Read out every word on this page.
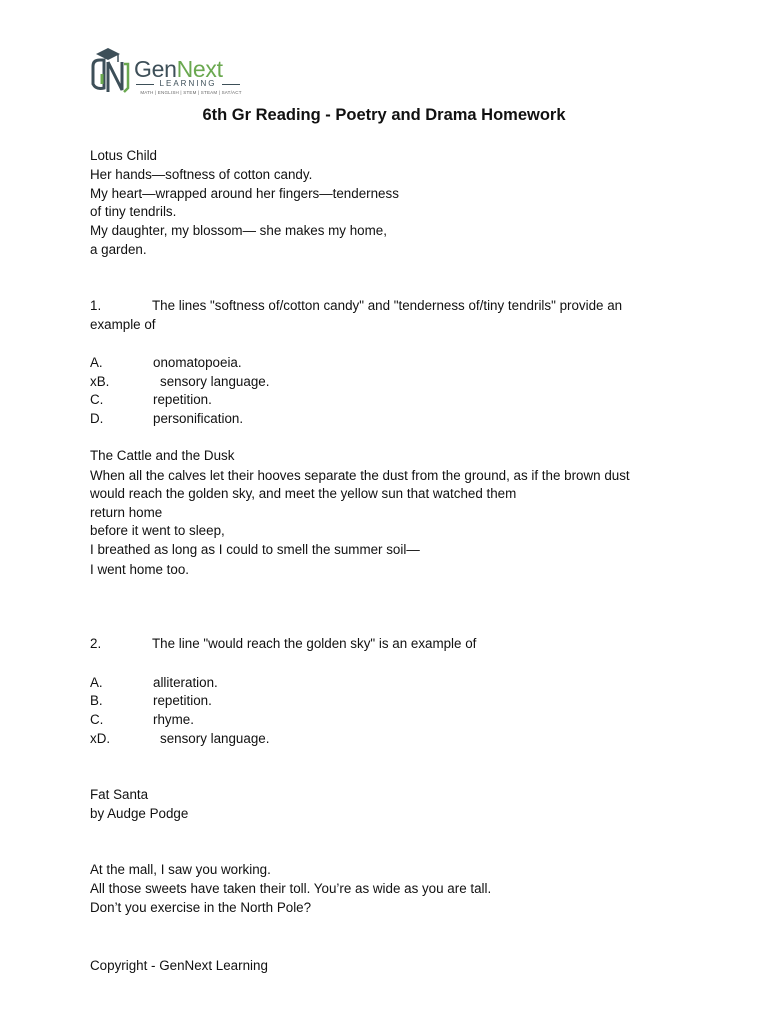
GenNext
LEARNING
MATH | ENGLISH | STEM | STEAM | SAT/ACT
6th Gr Reading - Poetry and Drama Homework
Lotus Child
Her hands—softness of cotton candy.
My heart—wrapped around her fingers—tenderness
of tiny tendrils.
My daughter, my blossom— she makes my home,
a garden.
1.	The lines "softness of/cotton candy" and "tenderness of/tiny tendrils" provide an
example of
A.	onomatopoeia.
xB.	sensory language.
C.	repetition.
D.	personification.
The Cattle and the Dusk
When all the calves let their hooves separate the dust from the ground, as if the brown dust
would reach the golden sky, and meet the yellow sun that watched them
return home
before it went to sleep,
I breathed as long as I could to smell the summer soil—
I went home too.
2.	The line "would reach the golden sky" is an example of
A.	alliteration.
B.	repetition.
C.	rhyme.
xD.	sensory language.
Fat Santa
by Audge Podge
At the mall, I saw you working.
All those sweets have taken their toll. You’re as wide as you are tall.
Don’t you exercise in the North Pole?
Copyright - GenNext Learning
